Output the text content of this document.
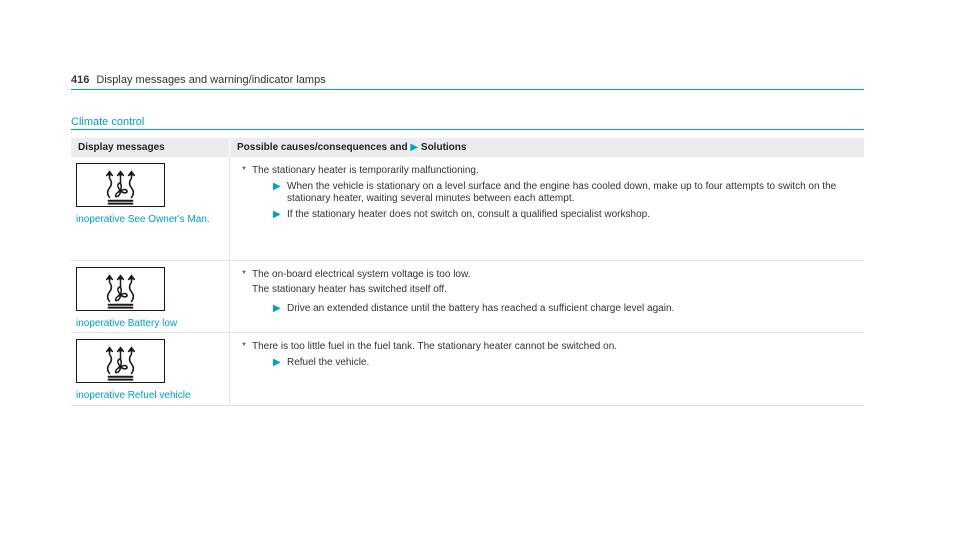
416 Display messages and warning/indicator lamps
Climate control
Display messages	Possible causes/consequences and ▶ Solutions

inoperative See Owner's Man.	* The stationary heater is temporarily malfunctioning.
▶ When the vehicle is stationary on a level surface and the engine has cooled down, make up to four attempts to switch on the stationary heater, waiting several minutes between each attempt.
▶ If the stationary heater does not switch on, consult a qualified specialist workshop.

inoperative Battery low	* The on-board electrical system voltage is too low.
The stationary heater has switched itself off.
▶ Drive an extended distance until the battery has reached a sufficient charge level again.

inoperative Refuel vehicle	* There is too little fuel in the fuel tank. The stationary heater cannot be switched on.
▶ Refuel the vehicle.
